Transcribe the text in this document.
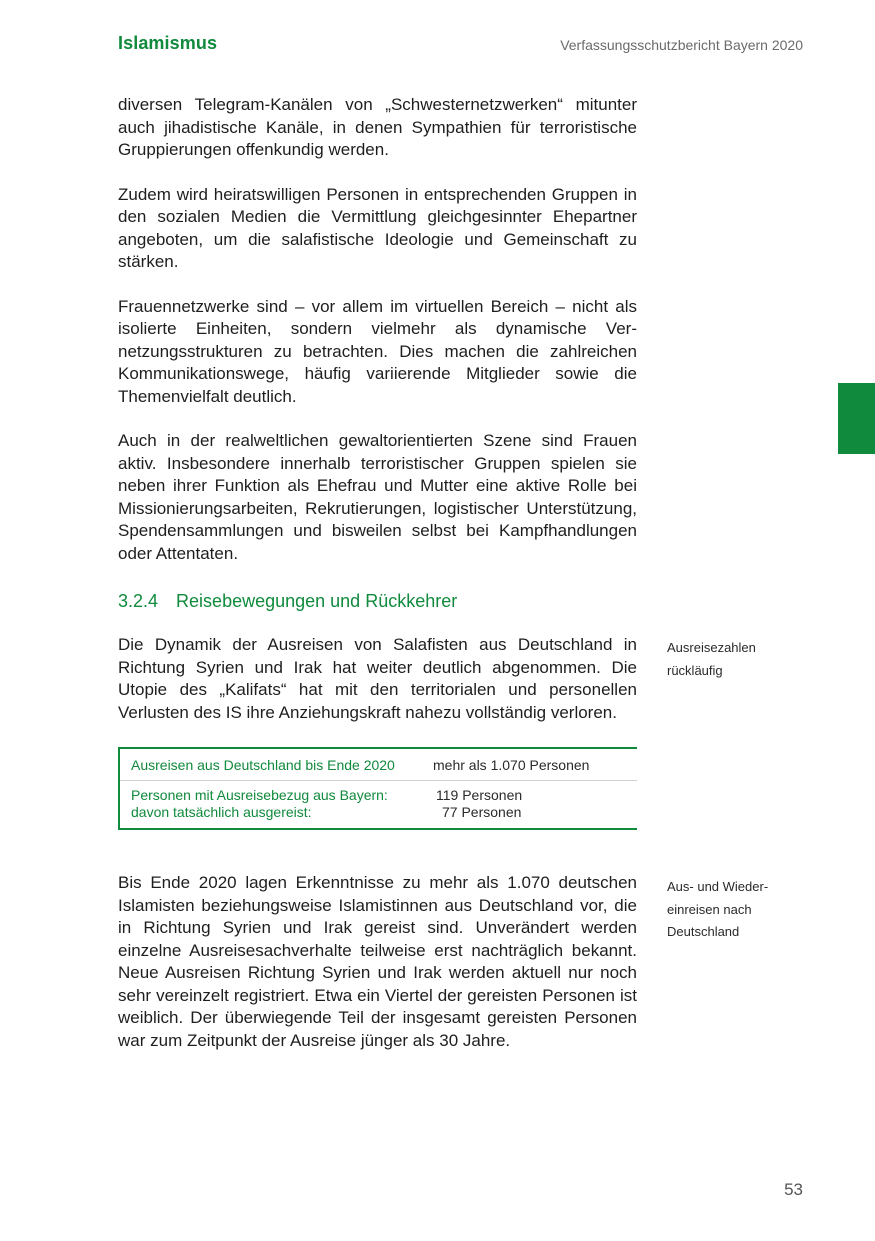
Islamismus	Verfassungsschutzbericht Bayern 2020

diversen Telegram-Kanälen von „Schwesternetzwerken“ mitunter auch jihadistische Kanäle, in denen Sympathien für terroristische Gruppierungen offenkundig werden.

Zudem wird heiratswilligen Personen in entsprechenden Gruppen in den sozialen Medien die Vermittlung gleichgesinnter Ehepartner angeboten, um die salafistische Ideologie und Gemeinschaft zu stärken.

Frauennetzwerke sind – vor allem im virtuellen Bereich – nicht als isolierte Einheiten, sondern vielmehr als dynamische Vernetzungsstrukturen zu betrachten. Dies machen die zahlreichen Kommunikationswege, häufig variierende Mitglieder sowie die Themenvielfalt deutlich.

Auch in der realweltlichen gewaltorientierten Szene sind Frauen aktiv. Insbesondere innerhalb terroristischer Gruppen spielen sie neben ihrer Funktion als Ehefrau und Mutter eine aktive Rolle bei Missionierungsarbeiten, Rekrutierungen, logistischer Unterstützung, Spendensammlungen und bisweilen selbst bei Kampfhandlungen oder Attentaten.

3.2.4 Reisebewegungen und Rückkehrer

Die Dynamik der Ausreisen von Salafisten aus Deutschland in Richtung Syrien und Irak hat weiter deutlich abgenommen. Die Utopie des „Kalifats“ hat mit den territorialen und personellen Verlusten des IS ihre Anziehungskraft nahezu vollständig verloren.

Ausreisen aus Deutschland bis Ende 2020	mehr als 1.070 Personen
Personen mit Ausreisebezug aus Bayern:
davon tatsächlich ausgereist:
119 Personen
77 Personen

Bis Ende 2020 lagen Erkenntnisse zu mehr als 1.070 deutschen Islamisten beziehungsweise Islamistinnen aus Deutschland vor, die in Richtung Syrien und Irak gereist sind. Unverändert werden einzelne Ausreisesachverhalte teilweise erst nachträglich bekannt. Neue Ausreisen Richtung Syrien und Irak werden aktuell nur noch sehr vereinzelt registriert. Etwa ein Viertel der gereisten Personen ist weiblich. Der überwiegende Teil der insgesamt gereisten Personen war zum Zeitpunkt der Ausreise jünger als 30 Jahre.

Ausreisezahlen
rückläufig
Aus- und Wieder-
einreisen nach
Deutschland
53
